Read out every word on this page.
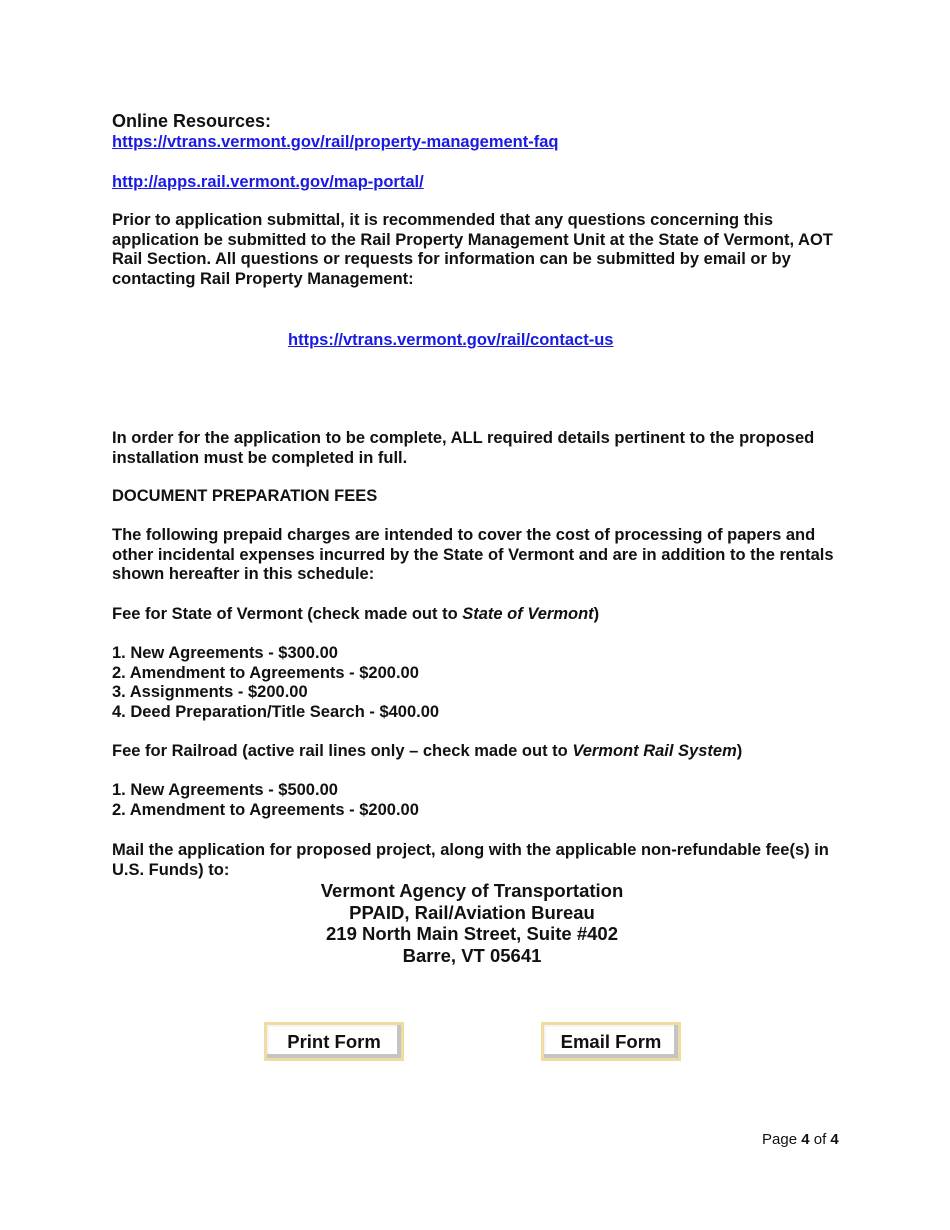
Online Resources:
https://vtrans.vermont.gov/rail/property-management-faq
http://apps.rail.vermont.gov/map-portal/
Prior to application submittal, it is recommended that any questions concerning this application be submitted to the Rail Property Management Unit at the State of Vermont, AOT Rail Section. All questions or requests for information can be submitted by email or by contacting Rail Property Management:
https://vtrans.vermont.gov/rail/contact-us
In order for the application to be complete, ALL required details pertinent to the proposed installation must be completed in full.
DOCUMENT PREPARATION FEES
The following prepaid charges are intended to cover the cost of processing of papers and other incidental expenses incurred by the State of Vermont and are in addition to the rentals shown hereafter in this schedule:
Fee for State of Vermont (check made out to State of Vermont)
1. New Agreements - $300.00
2. Amendment to Agreements - $200.00
3. Assignments - $200.00
4. Deed Preparation/Title Search - $400.00
Fee for Railroad (active rail lines only – check made out to Vermont Rail System)
1. New Agreements - $500.00
2. Amendment to Agreements - $200.00
Mail the application for proposed project, along with the applicable non-refundable fee(s) in U.S. Funds) to:
Vermont Agency of Transportation
PPAID, Rail/Aviation Bureau
219 North Main Street, Suite #402
Barre, VT 05641
Print Form	Email Form
Page 4 of 4
